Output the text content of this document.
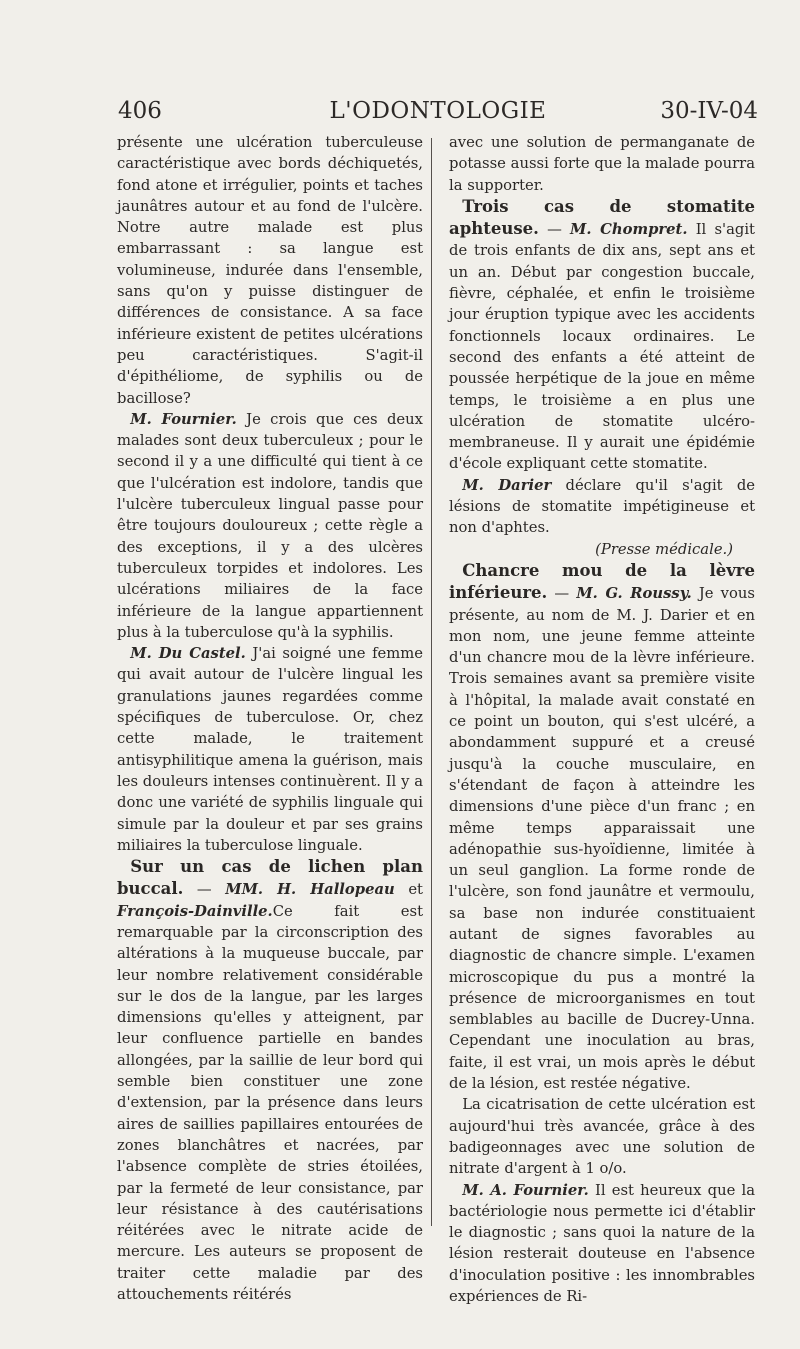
406	L'ODONTOLOGIE	30-IV-04

présente une ulcération tuberculeuse caractéristique avec bords déchiquetés, fond atone et irrégulier, points et taches jaunâtres autour et au fond de l'ulcère. Notre autre malade est plus embarrassant : sa langue est volumineuse, indurée dans l'ensemble, sans qu'on y puisse distinguer de différences de consistance. A sa face inférieure existent de petites ulcérations peu caractéristiques. S'agit-il d'épithéliome, de syphilis ou de bacillose?

M. Fournier. Je crois que ces deux malades sont deux tuberculeux ; pour le second il y a une difficulté qui tient à ce que l'ulcération est indolore, tandis que l'ulcère tuberculeux lingual passe pour être toujours douloureux ; cette règle a des exceptions, il y a des ulcères tuberculeux torpides et indolores. Les ulcérations miliaires de la face inférieure de la langue appartiennent plus à la tuberculose qu'à la syphilis.

M. Du Castel. J'ai soigné une femme qui avait autour de l'ulcère lingual les granulations jaunes regardées comme spécifiques de tuberculose. Or, chez cette malade, le traitement antisyphilitique amena la guérison, mais les douleurs intenses continuèrent. Il y a donc une variété de syphilis linguale qui simule par la douleur et par ses grains miliaires la tuberculose linguale.

Sur un cas de lichen plan buccal. — MM. H. Hallopeau et François-Dainville.Ce fait est remarquable par la circonscription des altérations à la muqueuse buccale, par leur nombre relativement considérable sur le dos de la langue, par les larges dimensions qu'elles y atteignent, par leur confluence partielle en bandes allongées, par la saillie de leur bord qui semble bien constituer une zone d'extension, par la présence dans leurs aires de saillies papillaires entourées de zones blanchâtres et nacrées, par l'absence complète de stries étoilées, par la fermeté de leur consistance, par leur résistance à des cautérisations réitérées avec le nitrate acide de mercure. Les auteurs se proposent de traiter cette maladie par des attouchements réitérés

avec une solution de permanganate de potasse aussi forte que la malade pourra la supporter.

Trois cas de stomatite aphteuse. — M. Chompret. Il s'agit de trois enfants de dix ans, sept ans et un an. Début par congestion buccale, fièvre, céphalée, et enfin le troisième jour éruption typique avec les accidents fonctionnels locaux ordinaires. Le second des enfants a été atteint de poussée herpétique de la joue en même temps, le troisième a en plus une ulcération de stomatite ulcéro-membraneuse. Il y aurait une épidémie d'école expliquant cette stomatite.

M. Darier déclare qu'il s'agit de lésions de stomatite impétigineuse et non d'aphtes.

(Presse médicale.)

Chancre mou de la lèvre inférieure. — M. G. Roussy. Je vous présente, au nom de M. J. Darier et en mon nom, une jeune femme atteinte d'un chancre mou de la lèvre inférieure. Trois semaines avant sa première visite à l'hôpital, la malade avait constaté en ce point un bouton, qui s'est ulcéré, a abondamment suppuré et a creusé jusqu'à la couche musculaire, en s'étendant de façon à atteindre les dimensions d'une pièce d'un franc ; en même temps apparaissait une adénopathie sus-hyoïdienne, limitée à un seul ganglion. La forme ronde de l'ulcère, son fond jaunâtre et vermoulu, sa base non indurée constituaient autant de signes favorables au diagnostic de chancre simple. L'examen microscopique du pus a montré la présence de microorganismes en tout semblables au bacille de Ducrey-Unna. Cependant une inoculation au bras, faite, il est vrai, un mois après le début de la lésion, est restée négative.

La cicatrisation de cette ulcération est aujourd'hui très avancée, grâce à des badigeonnages avec une solution de nitrate d'argent à 1 o/o.

M. A. Fournier. Il est heureux que la bactériologie nous permette ici d'établir le diagnostic ; sans quoi la nature de la lésion resterait douteuse en l'absence d'inoculation positive : les innombrables expériences de Ri-
